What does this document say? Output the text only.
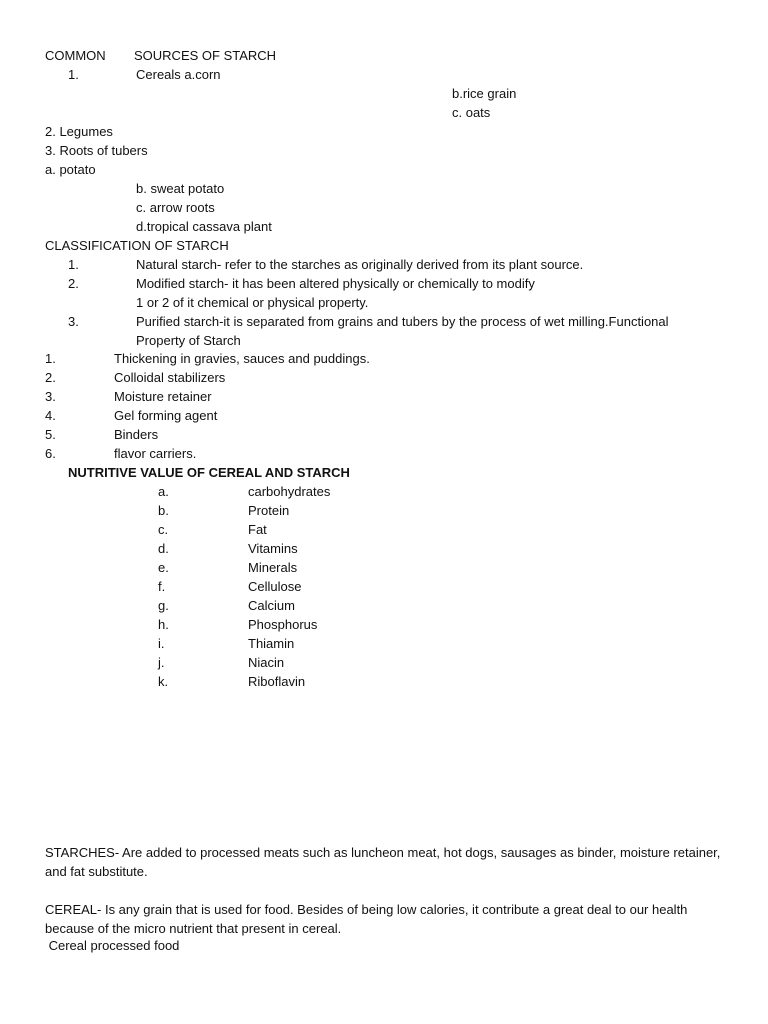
COMMON SOURCES OF STARCH
1.	Cereals a.corn
b.rice grain
c. oats
2. Legumes
3. Roots of tubers
a. potato
b. sweat potato
c. arrow roots
d.tropical cassava plant
CLASSIFICATION OF STARCH
1.	Natural starch- refer to the starches as originally derived from its plant source.
2.	Modified starch- it has been altered physically or chemically to modify
1 or 2 of it chemical or physical property.
3.	Purified starch-it is separated from grains and tubers by the process of wet milling.Functional
Property of Starch
1.	Thickening in gravies, sauces and puddings.
2.	Colloidal stabilizers
3.	Moisture retainer
4.	Gel forming agent
5.	Binders
6.	flavor carriers.
NUTRITIVE VALUE OF CEREAL AND STARCH
a.	carbohydrates
b.	Protein
c.	Fat
d.	Vitamins
e.	Minerals
f.	Cellulose
g.	Calcium
h.	Phosphorus
i.	Thiamin
j.	Niacin
k.	Riboflavin
STARCHES- Are added to processed meats such as luncheon meat, hot dogs, sausages as binder, moisture retainer, and fat substitute.
CEREAL- Is any grain that is used for food. Besides of being low calories, it contribute a great deal to our health because of the micro nutrient that present in cereal.
Cereal processed food
